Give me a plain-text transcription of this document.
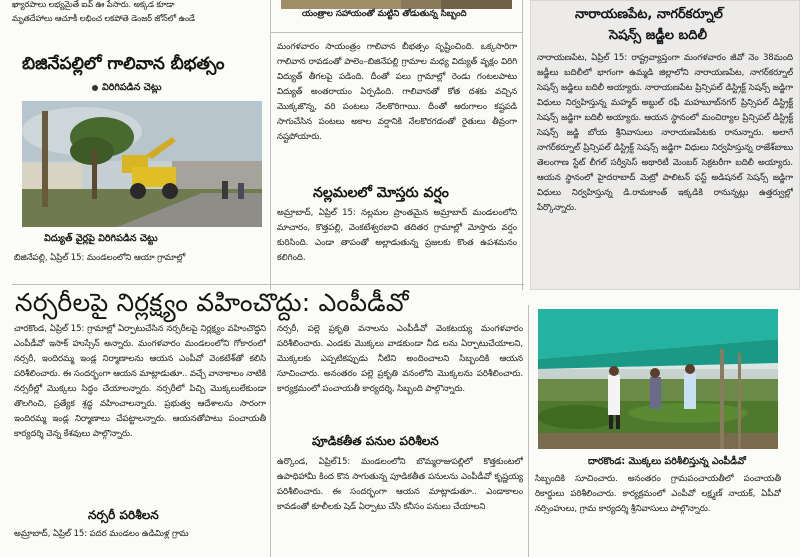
ఖ్యారపాలు లభ్యమైతే ఐవ్ ఊ పేసారు. అక్కడ కూడా
మృతదేహాలు ఆచూకీ లభించ లకపోతె డెంజర్ జోన్‌లో ఉండే	యంత్రాల సహాయంతో మట్టిని తోడుతున్న సిబ్బంది
బిజినేపల్లిలో గాలివాన బీభత్సం
విరిగిపడిన చెట్లు
విద్యుత్ వైర్లపై విరిగిపడిన చెట్టు
బిజినేపల్లి, ఏప్రిల్ 15: మండలంలోని ఆయా గ్రామాల్లో
మంగళవారం సాయంత్రం గాలివాన బీభత్సం సృష్టించింది. ఒక్కసారిగా గాలివాన రావడంతో పాలెం–బిజినేపల్లి గ్రామాల మధ్య విద్యుత్ వృక్షం విరిగి విద్యుత్ తీగలపై పడింది. దీంతో పలు గ్రామాల్లో రెండు గంటలపాటు విద్యుత్ అంతరాయం ఏర్పడింది. గాలివానతో కోత దశకు వచ్చిన మొక్కజొన్న, వరి పంటలు నేలకొరిగాయి. దీంతో ఆరుగాలం కష్టపడి సాగుచేసిన పంటలు అకాల వర్షానికి నేలకొరగడంతో రైతులు తీవ్రంగా నష్టపోయారు.
నల్లమలలో మోస్తరు వర్షం
అమ్రాబాద్, ఏప్రిల్ 15: నల్లమల ప్రాంతమైన అమ్రాబాద్ మండలంలోని మాచారం, కొత్తపల్లి, వెంకటేశ్వరబావి తదితర గ్రామాల్లో మోస్తారు వర్షం కురిసింది. ఎండా తాపంతో అల్లాడుతున్న ప్రజలకు కొంత ఉపశమనం కలిగింది.
నారాయణపేట, నాగర్‌కర్నూల్
సెషన్స్ జడ్జీల బదిలీ
నారాయణపేట, ఏప్రిల్ 15: రాష్ట్రవ్యాప్తంగా మంగళవారం జీవో నెం 38మంది జడ్జీలు బదిలీలో భాగంగా ఉమ్మడి జిల్లాలోని నారాయణపేట, నాగర్‌కర్నూల్ సెషన్స్ జడ్జిలు బదిలీ అయ్యారు. నారాయణపేట ప్రిన్సిపల్ డిస్ట్రిక్ట్ సెషన్స్ జడ్జిగా విధులు నిర్వహిస్తున్న మహ్మద్ అబ్దుల్ రఫీ మహబూబ్‌నగర్ ప్రిన్సిపల్ డిస్ట్రిక్ట్ సెషన్స్ జడ్జిగా బదిలీ అయ్యారు. ఆయన స్థానంలో మంచిర్యాల ప్రిన్సిపల్ డిస్ట్రిక్ట్ సెషన్స్ జడ్జి బోయ శ్రీనివాసులు నారాయణపేటకు రానున్నారు. అలాగే నాగర్‌కర్నూల్ ప్రిన్సిపల్ డిస్ట్రిక్ట్ సెషన్స్ జడ్జిగా విధులు నిర్వహిస్తున్న రాజేశ్‌బాబు తెలంగాణ స్టేట్ లీగల్ సర్వీసెస్ అథారిటీ మెంబర్ సెక్రటరీగా బదిలీ అయ్యారు. ఆయన స్థానంలో హైదరాబాద్ మెట్రో పాలిటన్ ఫస్ట్ అడిషనల్ సెషన్స్ జడ్జిగా విధులు నిర్వహిస్తున్న డి.రామకాంత్ ఇక్కడికి రానున్నట్లు ఉత్తర్వుల్లో పేర్కొన్నారు.
నర్సరీలపై నిర్లక్ష్యం వహించొద్దు: ఎంపీడీవో
చారకొండ, ఏప్రిల్ 15: గ్రామాల్లో ఏర్పాటుచేసిన నర్సరీలపై నిర్లక్ష్యం వహించొద్దని ఎంపీడీవో ఇసాక్ హుస్సేన్ అన్నారు. మంగళవారం మండలంలోని గోకారంలో నర్సరీ, ఇందిరమ్మ ఇండ్ల నిర్మాణాలను ఆయన ఎంపీవో వెంకటేశ్‌తో కలిసి పరిశీలించారు. ఈ సందర్భంగా ఆయన మాట్లాడుతూ.. వచ్చే వానాకాలం నాటికి నర్సరీల్లో మొక్కలు సిద్ధం చేయాలన్నారు. నర్సరీలో పిచ్చి మొక్కలులేకుండా తొలగించి, ప్రత్యేక శ్రద్ధ వహించాలన్నారు. ప్రభుత్వ ఆదేశాలను సారంగా ఇందిరమ్మ ఇండ్ల నిర్మాణాలు చేపట్టాలన్నారు. ఆయనతోపాటు పంచాయతీ కార్యదర్శి చెన్న కేశవులు పాల్గొన్నారు.
నర్సరీ, పల్లె ప్రకృతి వనాలను ఎంపీడీవో వెంకటయ్య మంగళవారం పరిశీలించారు. ఎండకు మొక్కలు వాడకుండా నీడ లను ఏర్పాటుచేయాలని, మొక్కలకు ఎప్పటికప్పుడు నీటిని అందించాలని సిబ్బందికి ఆయన సూచించారు. అనంతరం పల్లె ప్రకృతి వనంలోని మొక్కలను పరిశీలించారు. కార్యక్రమంలో పంచాయతీ కార్యదర్శి, సిబ్బంది పాల్గొన్నారు.
దారకొండ: మొక్కలు పరిశీలిస్తున్న ఎంపీడీవో
సిబ్బందికి సూచించారు. అనంతరం గ్రామపంచాయతీలో పంచాయతీ రికార్డులు పరిశీలించారు. కార్యక్రమంలో ఎంపీవో లక్ష్మణ్ నాయక్, ఏపీవో నర్సింహులు, గ్రామ కార్యదర్శి శ్రీనివాసులు పాల్గొన్నారు.
పూడికతీత పనుల పరిశీలన
ఉర్కొండ, ఏప్రిల్15: మండలంలోని బొమ్మరాజుపల్లిలో కొత్తకుంటలో ఉపాధిహామీ కింద కొన సాగుతున్న పూడికతీత పనులను ఎంపీడీవో కృష్ణయ్య పరిశీలించారు. ఈ సందర్భంగా ఆయన మాట్లాడుతూ.. ఎండాకాలం కావడంతో కూలీలకు షెడ్ ఏర్పాటు చేసి కనీసం పనులు చేయాలని
నర్సరీ పరిశీలన
అమ్రాబాద్, ఏప్రిల్ 15: పదర మండలం ఉడిమిళ్ల గ్రామ
